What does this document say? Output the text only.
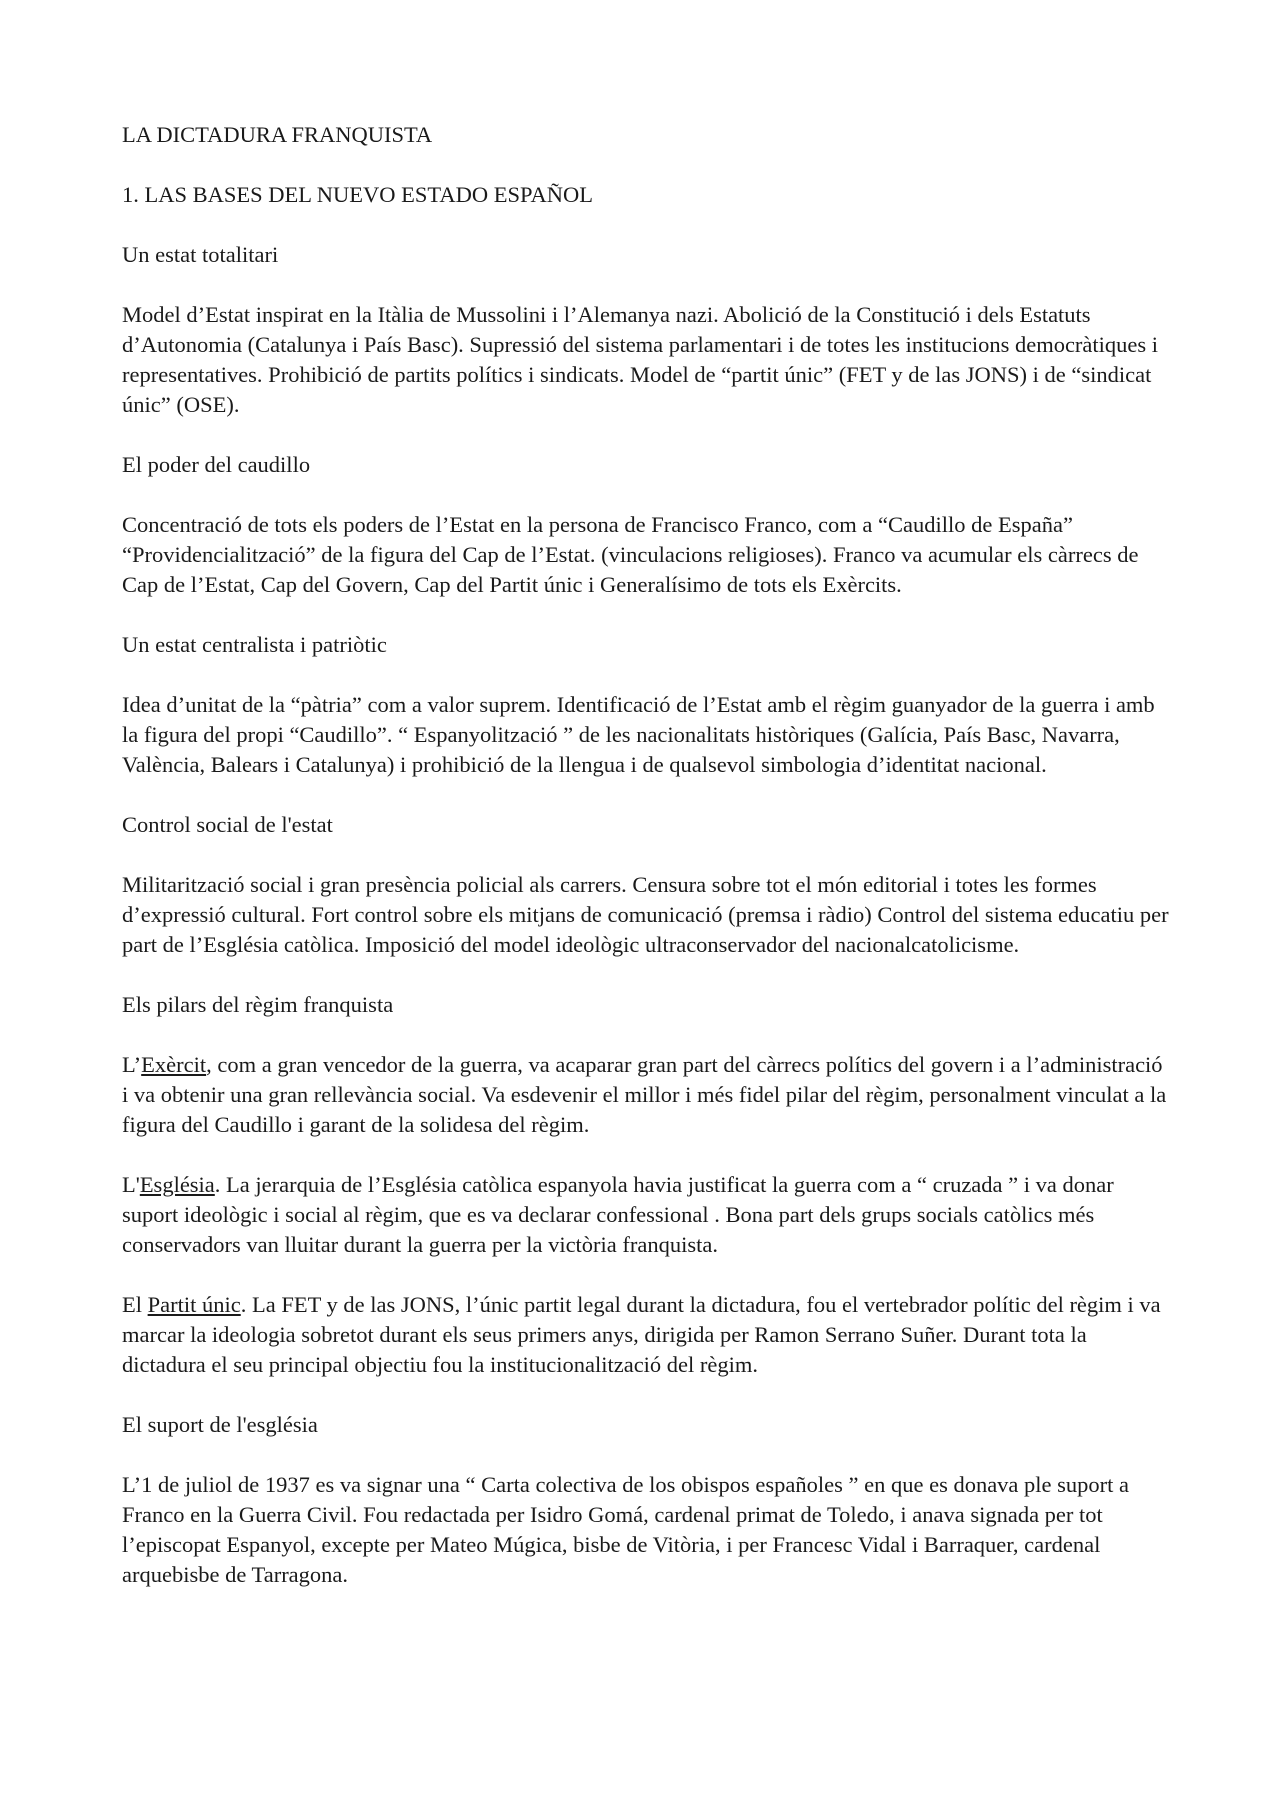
LA DICTADURA FRANQUISTA

1. LAS BASES DEL NUEVO ESTADO ESPAÑOL

Un estat totalitari

Model d’Estat inspirat en la Itàlia de Mussolini i l’Alemanya nazi. Abolició de la Constitució i dels Estatuts d’Autonomia (Catalunya i País Basc). Supressió del sistema parlamentari i de totes les institucions democràtiques i representatives. Prohibició de partits polítics i sindicats. Model de “partit únic” (FET y de las JONS) i de “sindicat únic” (OSE).

El poder del caudillo

Concentració de tots els poders de l’Estat en la persona de Francisco Franco, com a “Caudillo de España” “Providencialització” de la figura del Cap de l’Estat. (vinculacions religioses). Franco va acumular els càrrecs de Cap de l’Estat, Cap del Govern, Cap del Partit únic i Generalísimo de tots els Exèrcits.

Un estat centralista i patriòtic

Idea d’unitat de la “pàtria” com a valor suprem. Identificació de l’Estat amb el règim guanyador de la guerra i amb la figura del propi “Caudillo”. “ Espanyolització ” de les nacionalitats històriques (Galícia, País Basc, Navarra, València, Balears i Catalunya) i prohibició de la llengua i de qualsevol simbologia d’identitat nacional.

Control social de l'estat

Militarització social i gran presència policial als carrers. Censura sobre tot el món editorial i totes les formes d’expressió cultural. Fort control sobre els mitjans de comunicació (premsa i ràdio) Control del sistema educatiu per part de l’Església catòlica. Imposició del model ideològic ultraconservador del nacionalcatolicisme.

Els pilars del règim franquista

L’Exèrcit, com a gran vencedor de la guerra, va acaparar gran part del càrrecs polítics del govern i a l’administració i va obtenir una gran rellevància social. Va esdevenir el millor i més fidel pilar del règim, personalment vinculat a la figura del Caudillo i garant de la solidesa del règim.

L'Església. La jerarquia de l’Església catòlica espanyola havia justificat la guerra com a “ cruzada ” i va donar suport ideològic i social al règim, que es va declarar confessional . Bona part dels grups socials catòlics més conservadors van lluitar durant la guerra per la victòria franquista.

El Partit únic. La FET y de las JONS, l’únic partit legal durant la dictadura, fou el vertebrador polític del règim i va marcar la ideologia sobretot durant els seus primers anys, dirigida per Ramon Serrano Suñer. Durant tota la dictadura el seu principal objectiu fou la institucionalització del règim.

El suport de l'església

L’1 de juliol de 1937 es va signar una “ Carta colectiva de los obispos españoles ” en que es donava ple suport a Franco en la Guerra Civil. Fou redactada per Isidro Gomá, cardenal primat de Toledo, i anava signada per tot l’episcopat Espanyol, excepte per Mateo Múgica, bisbe de Vitòria, i per Francesc Vidal i Barraquer, cardenal arquebisbe de Tarragona.
